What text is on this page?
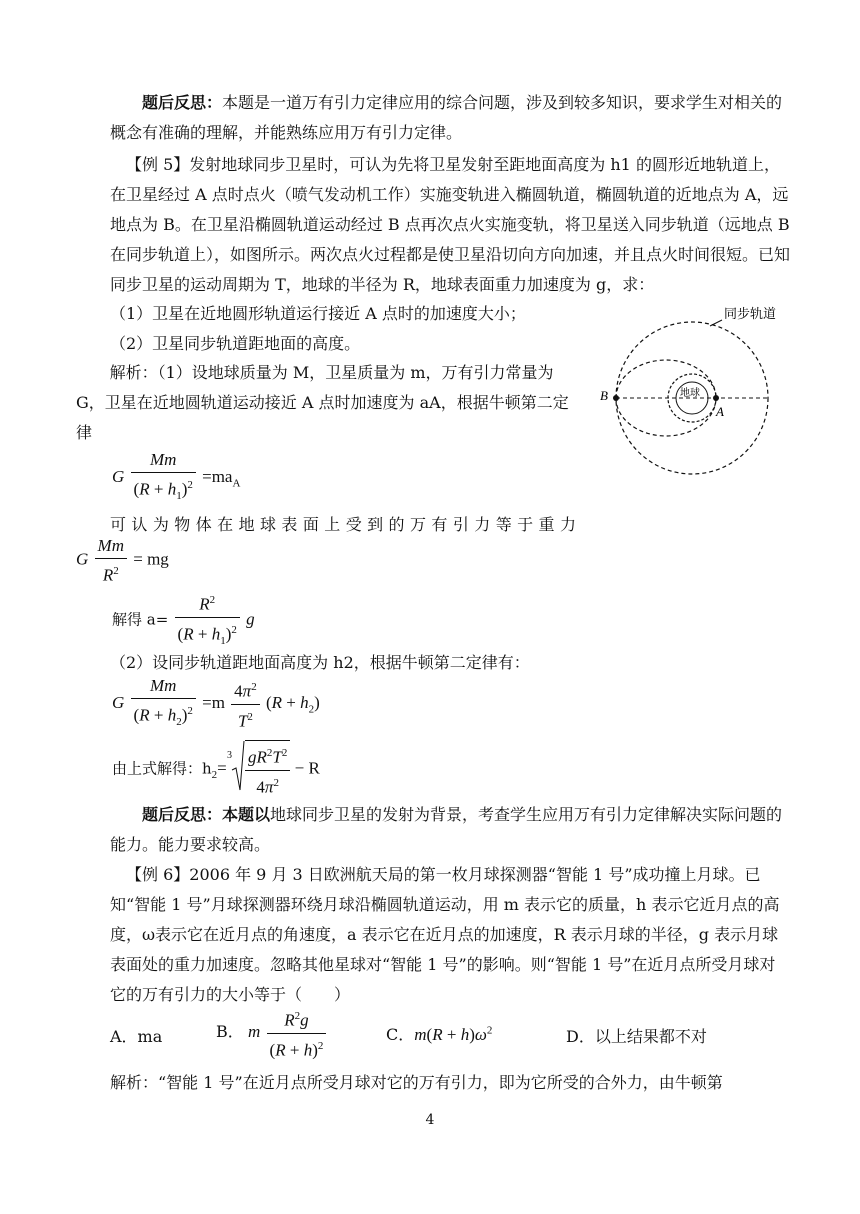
题后反思：本题是一道万有引力定律应用的综合问题，涉及到较多知识，要求学生对相关的概念有准确的理解，并能熟练应用万有引力定律。

【例 5】发射地球同步卫星时，可认为先将卫星发射至距地面高度为 h1 的圆形近地轨道上，在卫星经过 A 点时点火（喷气发动机工作）实施变轨进入椭圆轨道，椭圆轨道的近地点为 A，远地点为 B。在卫星沿椭圆轨道运动经过 B 点再次点火实施变轨，将卫星送入同步轨道（远地点 B 在同步轨道上），如图所示。两次点火过程都是使卫星沿切向方向加速，并且点火时间很短。已知同步卫星的运动周期为 T，地球的半径为 R，地球表面重力加速度为 g，求：

（1）卫星在近地圆形轨道运行接近 A 点时的加速度大小；

（2）卫星同步轨道距地面的高度。

解析：（1）设地球质量为 M，卫星质量为 m，万有引力常量为 G，卫星在近地圆轨道运动接近 A 点时加速度为 aA，根据牛顿第二定律

G $\frac{Mm}{(R + h_1)^2} =ma_A$

可认为物体在地球表面上受到的万有引力等于重力

G $\frac{Mm}{R^2}$ = mg
解得 $a= \frac{R^2}{(R + h_1)^2}$ g

（2）设同步轨道距地面高度为 h2，根据牛顿第二定律有：

G $\frac{Mm}{(R + h_2)^2} =m \frac{4\pi^2}{T^2} (R + h_2)$
由上式解得：$h_2=$
$3 \frac{gR^2T^2}{4\pi^2} - R$

题后反思：本题以地球同步卫星的发射为背景，考查学生应用万有引力定律解决实际问题的能力。能力要求较高。

【例 6】2006 年 9 月 3 日欧洲航天局的第一枚月球探测器“智能 1 号”成功撞上月球。已知“智能 1 号”月球探测器环绕月球沿椭圆轨道运动，用 m 表示它的质量，h 表示它近月点的高度，ω表示它在近月点的角速度，a 表示它在近月点的加速度，R 表示月球的半径，g 表示月球表面处的重力加速度。忽略其他星球对“智能 1 号”的影响。则“智能 1 号”在近月点所受月球对它的万有引力的大小等于（　　）

A．ma	B． m $\frac{R^2g}{(R + h)^2}$	C．$m(R + h)\omega^2$	D．以上结果都不对

解析：“智能 1 号”在近月点所受月球对它的万有引力，即为它所受的合外力，由牛顿第

地球
B
A
同步轨道
4
